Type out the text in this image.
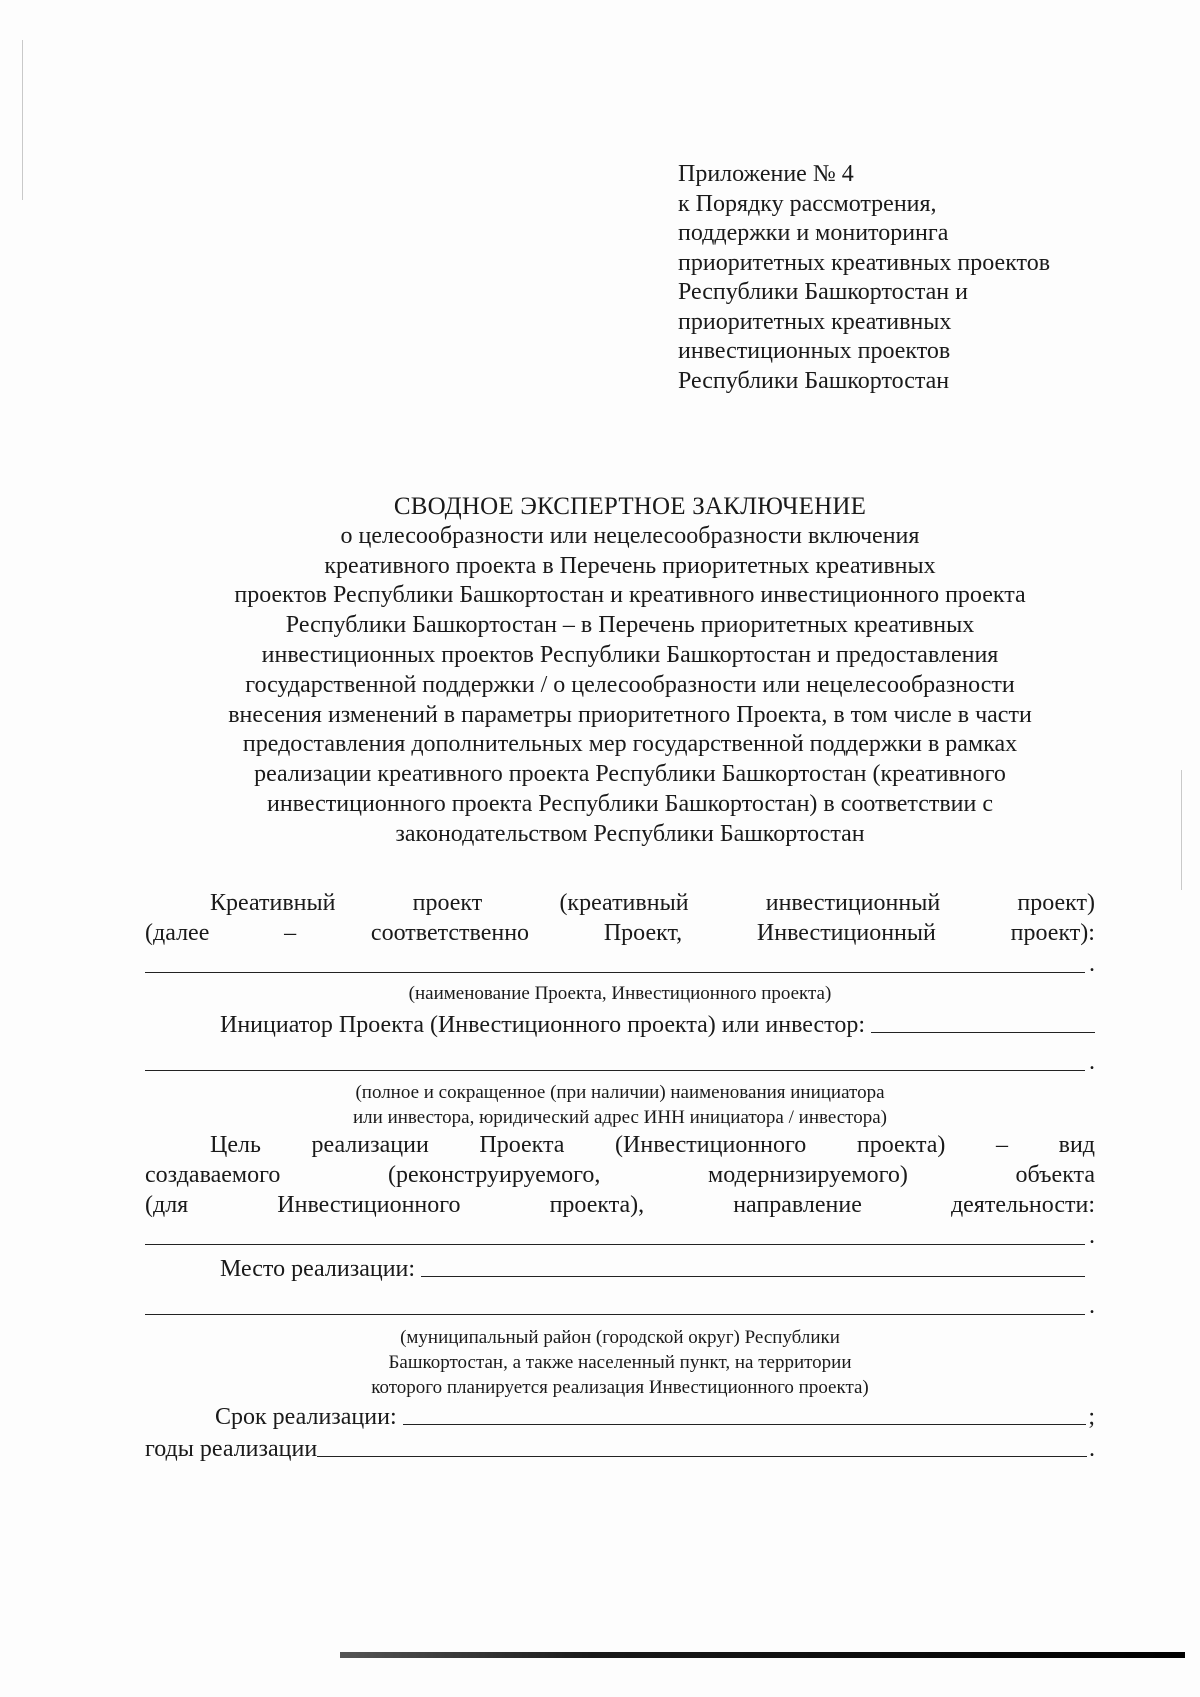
Приложение № 4
к Порядку рассмотрения,
поддержки и мониторинга
приоритетных креативных проектов
Республики Башкортостан и
приоритетных креативных
инвестиционных проектов
Республики Башкортостан
СВОДНОЕ ЭКСПЕРТНОЕ ЗАКЛЮЧЕНИЕ
о целесообразности или нецелесообразности включения
креативного проекта в Перечень приоритетных креативных
проектов Республики Башкортостан и креативного инвестиционного проекта
Республики Башкортостан – в Перечень приоритетных креативных
инвестиционных проектов Республики Башкортостан и предоставления
государственной поддержки / о целесообразности или нецелесообразности
внесения изменений в параметры приоритетного Проекта, в том числе в части
предоставления дополнительных мер государственной поддержки в рамках
реализации креативного проекта Республики Башкортостан (креативного
инвестиционного проекта Республики Башкортостан) в соответствии с
законодательством Республики Башкортостан
Креативный	проект	(креативный	инвестиционный	проект)
(далее	–	соответственно	Проект,	Инвестиционный	проект):
.
(наименование Проекта, Инвестиционного проекта)
Инициатор Проекта (Инвестиционного проекта) или инвестор:
.
(полное и сокращенное (при наличии) наименования инициатора
или инвестора, юридический адрес ИНН инициатора / инвестора)
Цель реализации Проекта (Инвестиционного проекта) – вид
создаваемого	(реконструируемого,	модернизируемого)	объекта
(для	Инвестиционного	проекта),	направление	деятельности:
.
Место реализации:
.
(муниципальный район (городской округ) Республики
Башкортостан, а также населенный пункт, на территории
которого планируется реализация Инвестиционного проекта)
Срок реализации:	;
годы реализации	.
